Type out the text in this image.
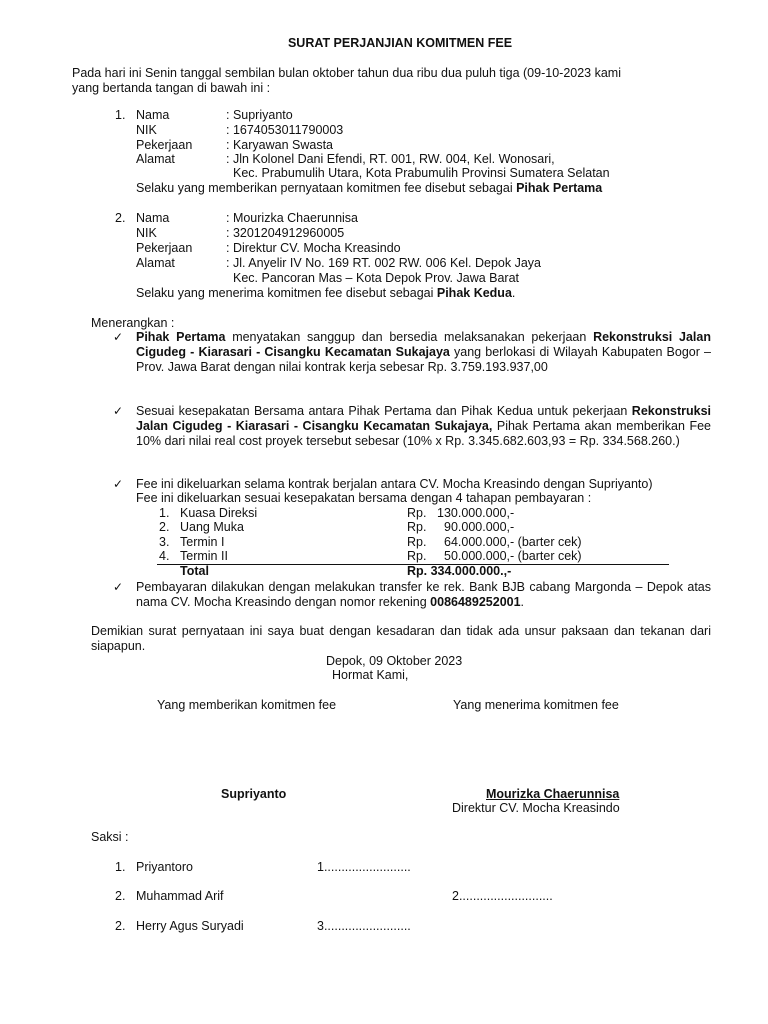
SURAT PERJANJIAN KOMITMEN FEE
Pada hari ini Senin tanggal sembilan bulan oktober tahun dua ribu dua puluh tiga (09-10-2023 kami
yang bertanda tangan di bawah ini :
1. Nama	: Supriyanto
NIK	: 1674053011790003
Pekerjaan	: Karyawan Swasta
Alamat	: Jln Kolonel Dani Efendi, RT. 001, RW. 004, Kel. Wonosari,
Kec. Prabumulih Utara, Kota Prabumulih Provinsi Sumatera Selatan
Selaku yang memberikan pernyataan komitmen fee disebut sebagai Pihak Pertama
2. Nama	: Mourizka Chaerunnisa
NIK	: 3201204912960005
Pekerjaan	: Direktur CV. Mocha Kreasindo
Alamat	: Jl. Anyelir IV No. 169 RT. 002 RW. 006 Kel. Depok Jaya
Kec. Pancoran Mas – Kota Depok Prov. Jawa Barat
Selaku yang menerima komitmen fee disebut sebagai Pihak Kedua.
Menerangkan :
✓ Pihak Pertama menyatakan sanggup dan bersedia melaksanakan pekerjaan Rekonstruksi Jalan Cigudeg - Kiarasari - Cisangku Kecamatan Sukajaya yang berlokasi di Wilayah Kabupaten Bogor – Prov. Jawa Barat dengan nilai kontrak kerja sebesar Rp. 3.759.193.937,00
✓ Sesuai kesepakatan Bersama antara Pihak Pertama dan Pihak Kedua untuk pekerjaan Rekonstruksi Jalan Cigudeg - Kiarasari - Cisangku Kecamatan Sukajaya, Pihak Pertama akan memberikan Fee 10% dari nilai real cost proyek tersebut sebesar (10% x Rp. 3.345.682.603,93 = Rp. 334.568.260.)
✓ Fee ini dikeluarkan selama kontrak berjalan antara CV. Mocha Kreasindo dengan Supriyanto)
Fee ini dikeluarkan sesuai kesepakatan bersama dengan 4 tahapan pembayaran :
1. Kuasa Direksi	Rp. 130.000.000,-
2. Uang Muka	Rp. 90.000.000,-
3. Termin I	Rp. 64.000.000,- (barter cek)
4. Termin II	Rp. 50.000.000,- (barter cek)
Total	Rp. 334.000.000.,-
✓ Pembayaran dilakukan dengan melakukan transfer ke rek. Bank BJB cabang Margonda – Depok atas nama CV. Mocha Kreasindo dengan nomor rekening 0086489252001.
Demikian surat pernyataan ini saya buat dengan kesadaran dan tidak ada unsur paksaan dan tekanan dari siapapun.
Depok, 09 Oktober 2023
Hormat Kami,
Yang memberikan komitmen fee	Yang menerima komitmen fee
Supriyanto	Mourizka Chaerunnisa
Direktur CV. Mocha Kreasindo
Saksi :
1. Priyantoro	1.........................
2. Muhammad Arif	2...........................
2. Herry Agus Suryadi	3.........................
